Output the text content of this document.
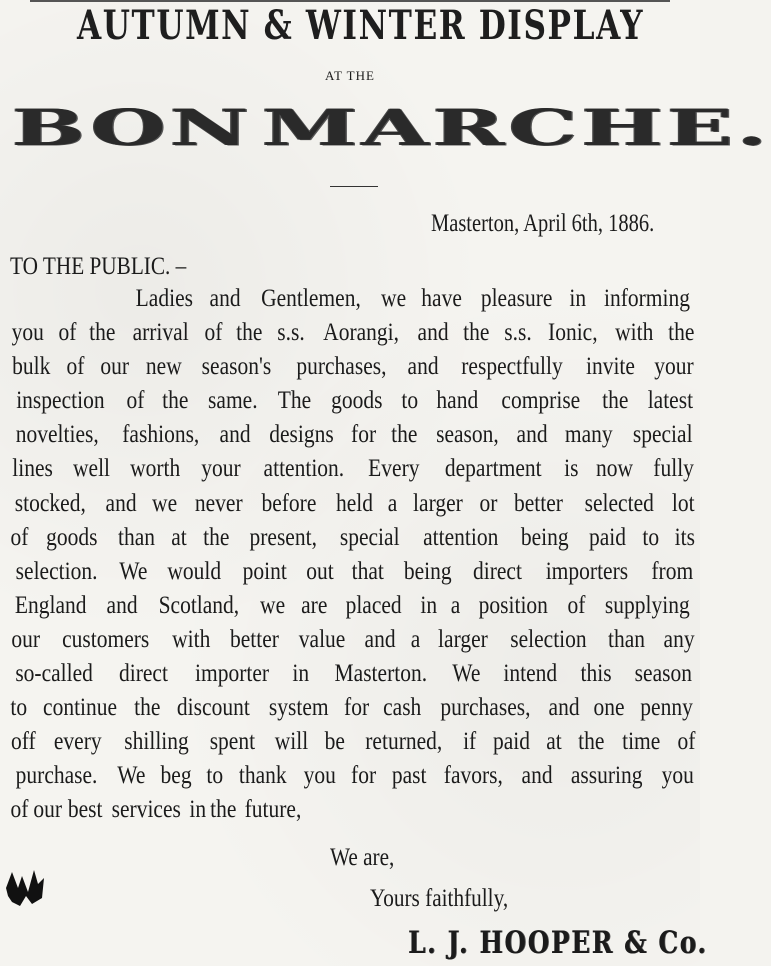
AUTUMN & WINTER DISPLAY
AT THE
BON MARCHE.
Masterton, April 6th, 1886.
TO THE PUBLIC. –
Ladies and Gentlemen, we have pleasure in informing
you of the arrival of the s.s. Aorangi, and the s.s. Ionic, with the
bulk of our new season's purchases, and respectfully invite your
inspection of the same. The goods to hand comprise the latest
novelties, fashions, and designs for the season, and many special
lines well worth your attention. Every department is now fully
stocked, and we never before held a larger or better selected lot
of goods than at the present, special attention being paid to its
selection. We would point out that being direct importers from
England and Scotland, we are placed in a position of supplying
our customers with better value and a larger selection than any
so-called direct importer in Masterton. We intend this season
to continue the discount system for cash purchases, and one penny
off every shilling spent will be returned, if paid at the time of
purchase. We beg to thank you for past favors, and assuring you
of our best services in the future,
We are,
Yours faithfully,
L. J. HOOPER & Co.
